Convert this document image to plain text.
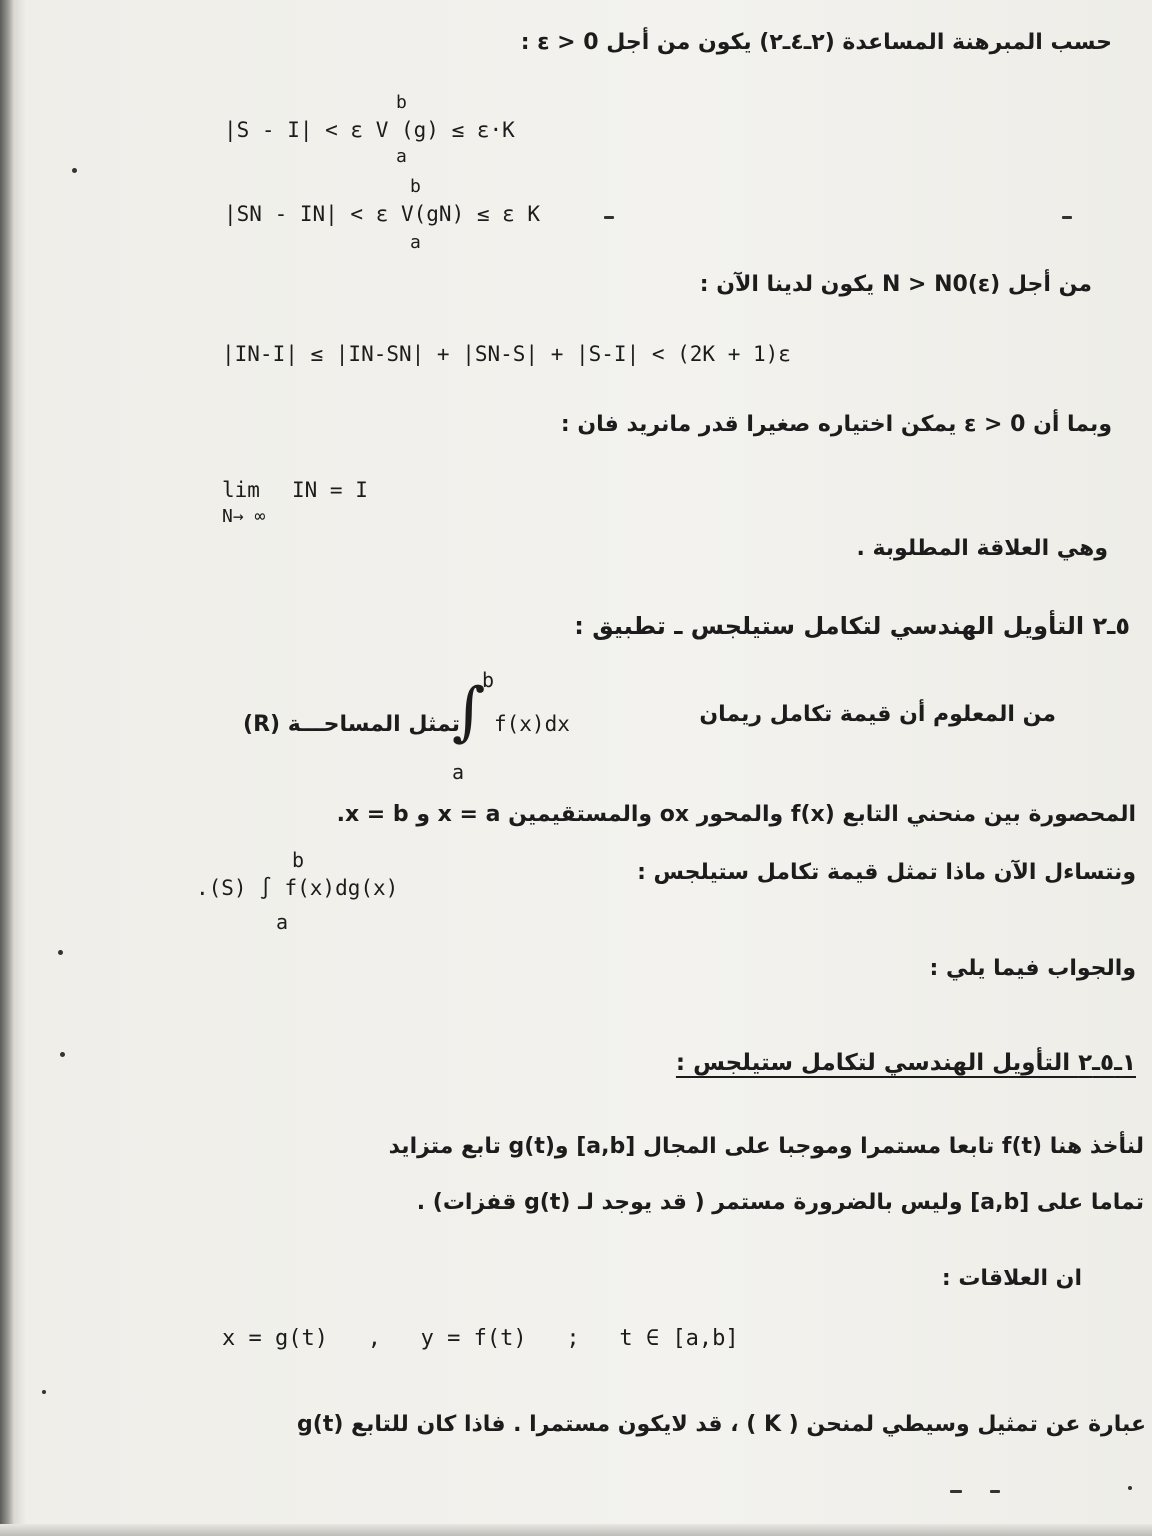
حسب المبرهنة المساعدة (٢ـ٤ـ٢) يكون من أجل ε > 0 :
b
|S - I| < ε V (g) ≤ ε·K
a
b
|SN - IN| < ε V(gN) ≤ ε K
a
من أجل N > N0(ε) يكون لدينا الآن :
|IN-I| ≤ |IN-SN| + |SN-S| + |S-I| < (2K + 1)ε
وبما أن ε > 0 يمكن اختياره صغيرا قدر مانريد فان :
lim IN = I
N→ ∞
وهي العلاقة المطلوبة .
٥ـ٢ التأويل الهندسي لتكامل ستيلجس ـ تطبيق :
من المعلوم أن قيمة تكامل ريمان
∫
b
f(x)dx
a
(R) تمثل المساحـــة
المحصورة بين منحني التابع f(x) والمحور ox والمستقيمين x = a و x = b.
ونتساءل الآن ماذا تمثل قيمة تكامل ستيلجس :
b
.(S) ∫ f(x)dg(x)
a
والجواب فيما يلي :
١ـ٥ـ٢ التأويل الهندسي لتكامل ستيلجس :
لنأخذ هنا f(t) تابعا مستمرا وموجبا على المجال [a,b] وg(t) تابع متزايد
تماما على [a,b] وليس بالضرورة مستمر ( قد يوجد لـ g(t) قفزات) .
ان العلاقات :
x = g(t)   ,   y = f(t)   ;   t ∈ [a,b]
عبارة عن تمثيل وسيطي لمنحن ( K ) ، قد لايكون مستمرا . فاذا كان للتابع g(t)
